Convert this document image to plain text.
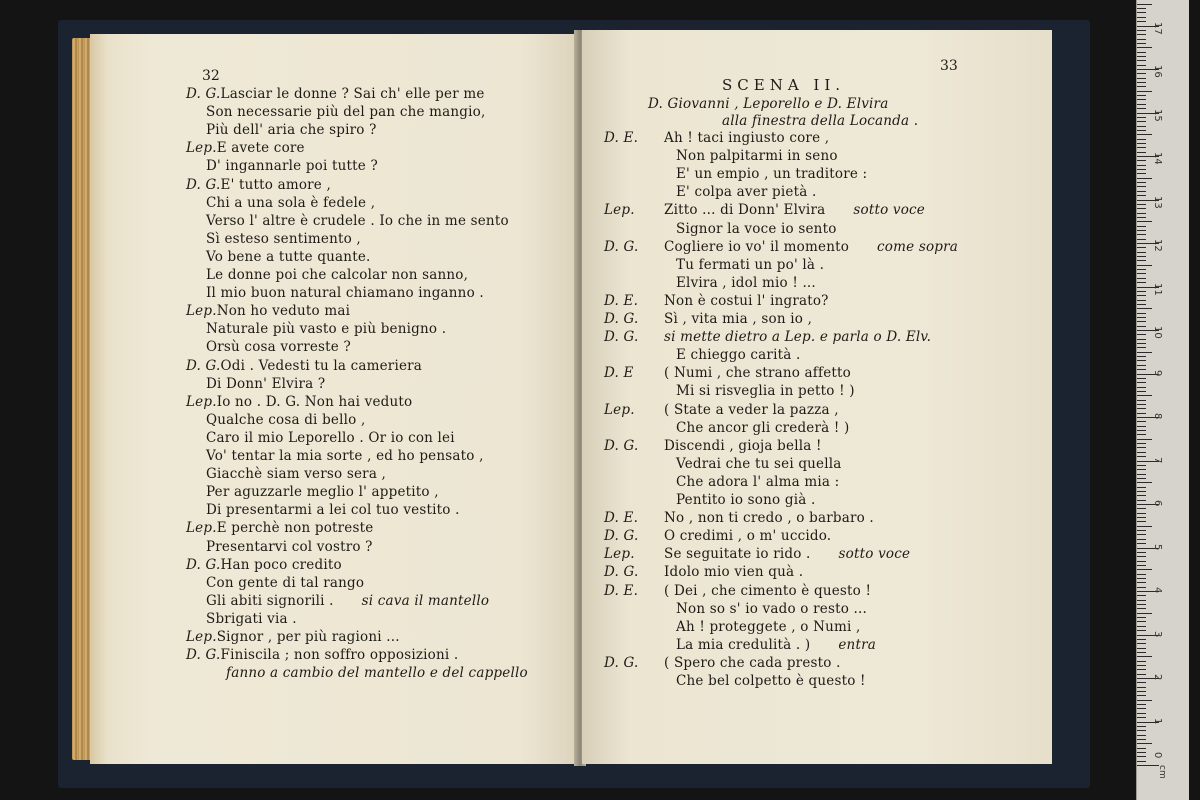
32
D. G.Lasciar le donne ? Sai ch' elle per me
Son necessarie più del pan che mangio,
Più dell' aria che spiro ?
Lep.E avete core
D' ingannarle poi tutte ?
D. G.E' tutto amore ,
Chi a una sola è fedele ,
Verso l' altre è crudele . Io che in me sento
Sì esteso sentimento ,
Vo bene a tutte quante.
Le donne poi che calcolar non sanno,
Il mio buon natural chiamano inganno .
Lep.Non ho veduto mai
Naturale più vasto e più benigno .
Orsù cosa vorreste ?
D. G.Odi . Vedesti tu la cameriera
Di Donn' Elvira ?
Lep.Io no . D. G. Non hai veduto
Qualche cosa di bello ,
Caro il mio Leporello . Or io con lei
Vo' tentar la mia sorte , ed ho pensato ,
Giacchè siam verso sera ,
Per aguzzarle meglio l' appetito ,
Di presentarmi a lei col tuo vestito .
Lep.E perchè non potreste
Presentarvi col vostro ?
D. G.Han poco credito
Con gente di tal rango
Gli abiti signorili . si cava il mantello
Sbrigati via .
Lep.Signor , per più ragioni ...
D. G.Finiscila ; non soffro opposizioni .
fanno a cambio del mantello e del cappello
33
SCENA II.
D. Giovanni , Leporello e D. Elvira
alla finestra della Locanda .
D. E. Ah ! taci ingiusto core ,
Non palpitarmi in seno
E' un empio , un traditore :
E' colpa aver pietà .
Lep. Zitto ... di Donn' Elvira sotto voce
Signor la voce io sento
D. G. Cogliere io vo' il momento come sopra
Tu fermati un po' là .
Elvira , idol mio ! ...
D. E. Non è costui l' ingrato?
D. G. Sì , vita mia , son io ,
D. G. si mette dietro a Lep. e parla o D. Elv.
E chieggo carità .
D. E ( Numi , che strano affetto
Mi si risveglia in petto ! )
Lep. ( State a veder la pazza ,
Che ancor gli crederà ! )
D. G. Discendi , gioja bella !
Vedrai che tu sei quella
Che adora l' alma mia :
Pentito io sono già .
D. E. No , non ti credo , o barbaro .
D. G. O credimi , o m' uccido.
Lep. Se seguitate io rido . sotto voce
D. G. Idolo mio vien quà .
D. E. ( Dei , che cimento è questo !
Non so s' io vado o resto ...
Ah ! proteggete , o Numi ,
La mia credulità . ) entra
D. G. ( Spero che cada presto .
Che bel colpetto è questo !
1
2
3
4
5
6
7
8
9
10
11
12
13
14
15
16
17
0
cm
